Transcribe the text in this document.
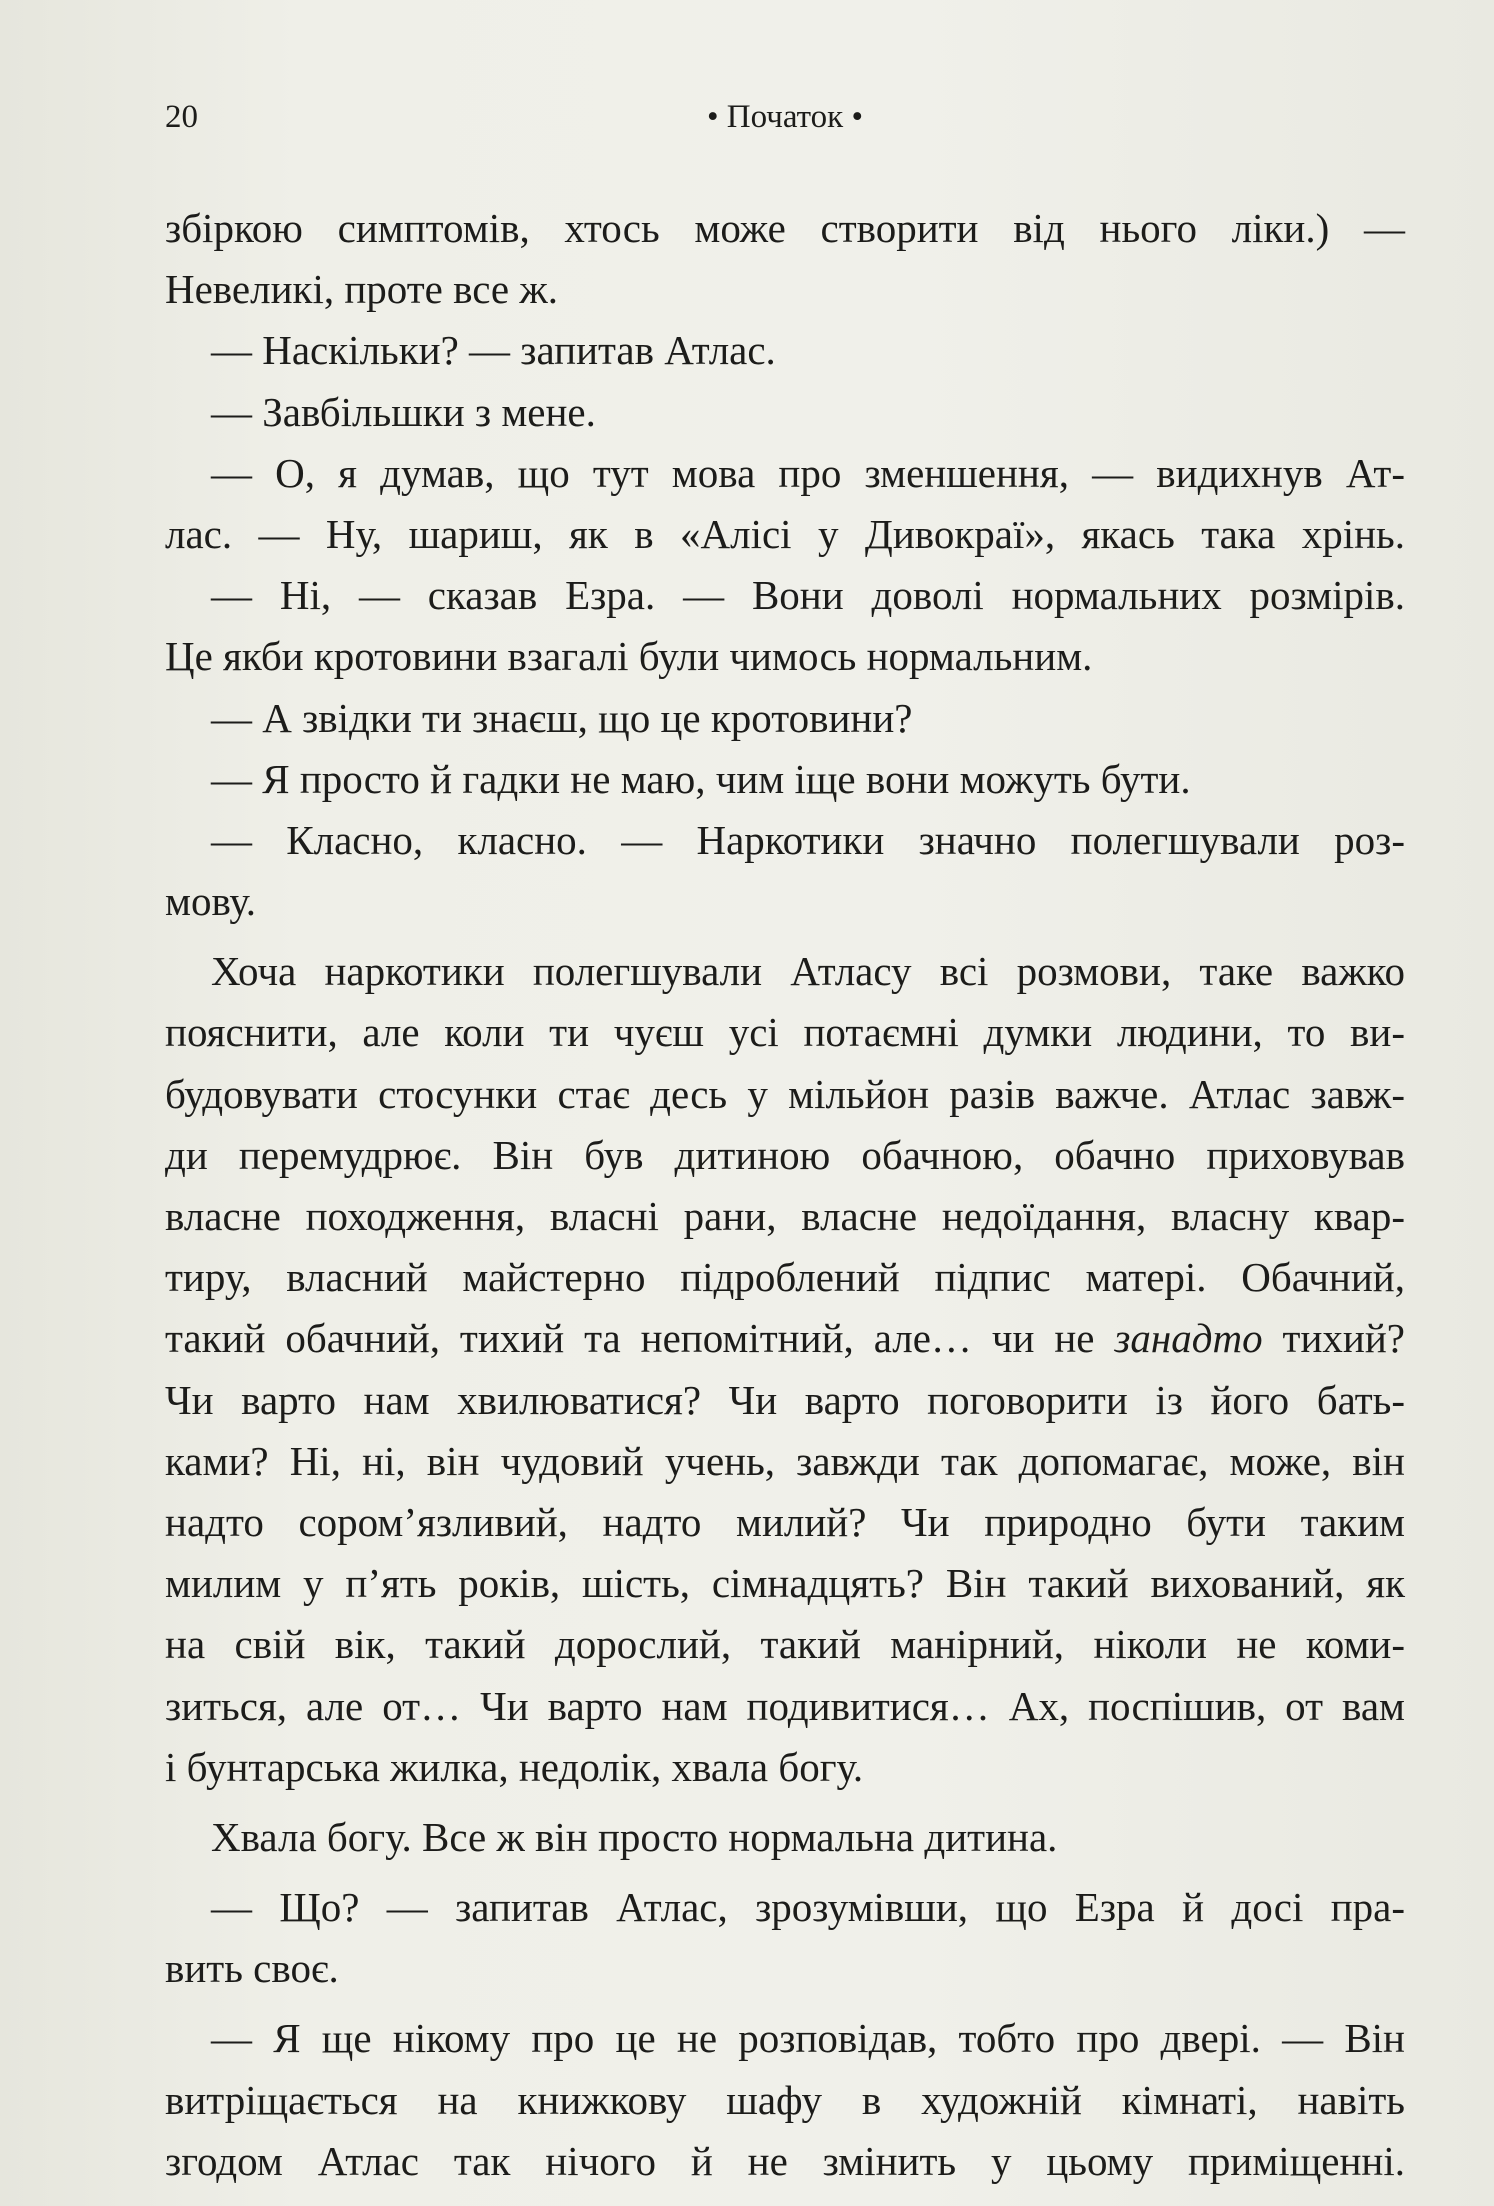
20	• Початок •
збіркою симптомів, хтось може створити від нього ліки.) —
Невеликі, проте все ж.
— Наскільки? — запитав Атлас.
— Завбільшки з мене.
— О, я думав, що тут мова про зменшення, — видихнув Ат-
лас. — Ну, шариш, як в «Алісі у Дивокраї», якась така хрінь.
— Ні, — сказав Езра. — Вони доволі нормальних розмірів.
Це якби кротовини взагалі були чимось нормальним.
— А звідки ти знаєш, що це кротовини?
— Я просто й гадки не маю, чим іще вони можуть бути.
— Класно, класно. — Наркотики значно полегшували роз-
мову.
Хоча наркотики полегшували Атласу всі розмови, таке важко
пояснити, але коли ти чуєш усі потаємні думки людини, то ви-
будовувати стосунки стає десь у мільйон разів важче. Атлас завж-
ди перемудрює. Він був дитиною обачною, обачно приховував
власне походження, власні рани, власне недоїдання, власну квар-
тиру, власний майстерно підроблений підпис матері. Обачний,
такий обачний, тихий та непомітний, але… чи не занадто тихий?
Чи варто нам хвилюватися? Чи варто поговорити із його бать-
ками? Ні, ні, він чудовий учень, завжди так допомагає, може, він
надто сором’язливий, надто милий? Чи природно бути таким
милим у п’ять років, шість, сімнадцять? Він такий вихований, як
на свій вік, такий дорослий, такий манірний, ніколи не коми-
зиться, але от… Чи варто нам подивитися… Ах, поспішив, от вам
і бунтарська жилка, недолік, хвала богу.
Хвала богу. Все ж він просто нормальна дитина.
— Що? — запитав Атлас, зрозумівши, що Езра й досі пра-
вить своє.
— Я ще нікому про це не розповідав, тобто про двері. — Він
витріщається на книжкову шафу в художній кімнаті, навіть
згодом Атлас так нічого й не змінить у цьому приміщенні.
